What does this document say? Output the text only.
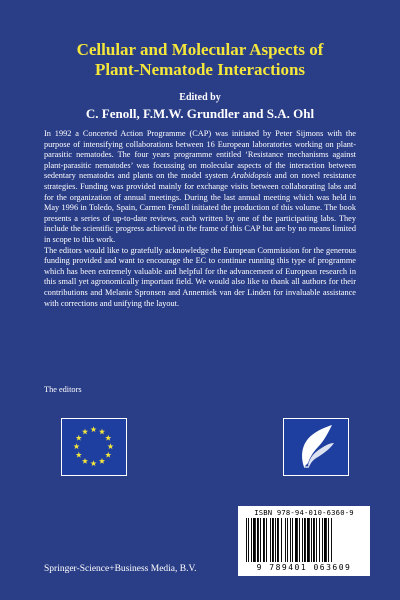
Cellular and Molecular Aspects of
Plant-Nematode Interactions
Edited by
C. Fenoll, F.M.W. Grundler and S.A. Ohl

In 1992 a Concerted Action Programme (CAP) was initiated by Peter Sijmons with the purpose of intensifying collaborations between 16 European laboratories working on plant-parasitic nematodes. The four years programme entitled ‘Resistance mechanisms against plant-parasitic nematodes’ was focussing on molecular aspects of the interaction between sedentary nematodes and plants on the model system Arabidopsis and on novel resistance strategies. Funding was provided mainly for exchange visits between collaborating labs and for the organization of annual meetings. During the last annual meeting which was held in May 1996 in Toledo, Spain, Carmen Fenoll initiated the production of this volume. The book presents a series of up-to-date reviews, each written by one of the participating labs. They include the scientific progress achieved in the frame of this CAP but are by no means limited in scope to this work.

The editors would like to gratefully acknowledge the European Commission for the generous funding provided and want to encourage the EC to continue running this type of programme which has been extremely valuable and helpful for the advancement of European research in this small yet agronomically important field. We would also like to thank all authors for their contributions and Melanie Spronsen and Annemiek van der Linden for invaluable assistance with corrections and unifying the layout.

The editors
ISBN 978-94-010-6360-9
9 789401 063609
Springer-Science+Business Media, B.V.
